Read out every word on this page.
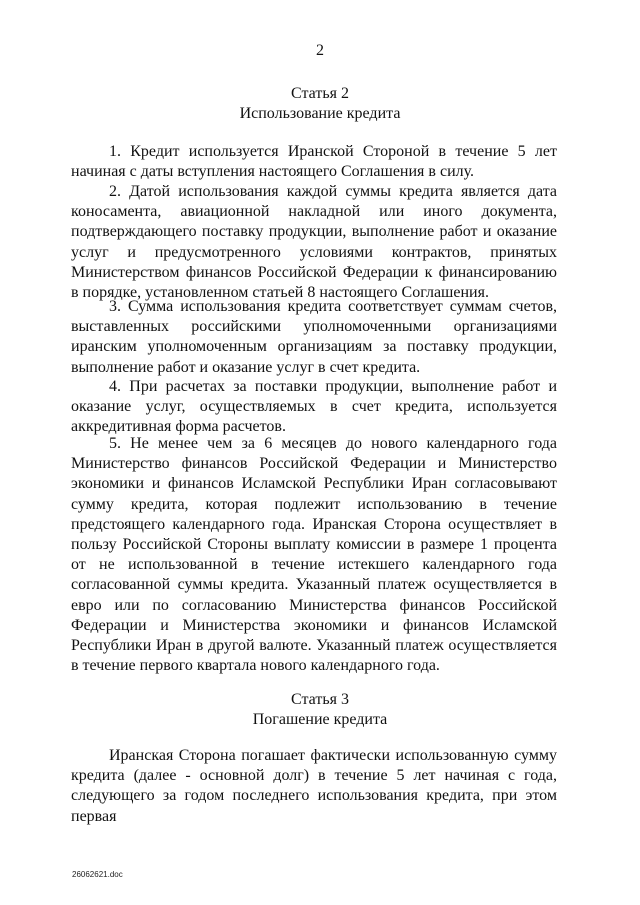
2
Статья 2
Использование кредита

1. Кредит используется Иранской Стороной в течение 5 лет начиная с даты вступления настоящего Соглашения в силу.

2. Датой использования каждой суммы кредита является дата коносамента, авиационной накладной или иного документа, подтверждающего поставку продукции, выполнение работ и оказание услуг и предусмотренного условиями контрактов, принятых Министерством финансов Российской Федерации к финансированию в порядке, установленном статьей 8 настоящего Соглашения.

3. Сумма использования кредита соответствует суммам счетов, выставленных российскими уполномоченными организациями иранским уполномоченным организациям за поставку продукции, выполнение работ и оказание услуг в счет кредита.

4. При расчетах за поставки продукции, выполнение работ и оказание услуг, осуществляемых в счет кредита, используется аккредитивная форма расчетов.

5. Не менее чем за 6 месяцев до нового календарного года Министерство финансов Российской Федерации и Министерство экономики и финансов Исламской Республики Иран согласовывают сумму кредита, которая подлежит использованию в течение предстоящего календарного года. Иранская Сторона осуществляет в пользу Российской Стороны выплату комиссии в размере 1 процента от не использованной в течение истекшего календарного года согласованной суммы кредита. Указанный платеж осуществляется в евро или по согласованию Министерства финансов Российской Федерации и Министерства экономики и финансов Исламской Республики Иран в другой валюте. Указанный платеж осуществляется в течение первого квартала нового календарного года.

Статья 3
Погашение кредита

Иранская Сторона погашает фактически использованную сумму кредита (далее - основной долг) в течение 5 лет начиная с года, следующего за годом последнего использования кредита, при этом первая

26062621.doc
